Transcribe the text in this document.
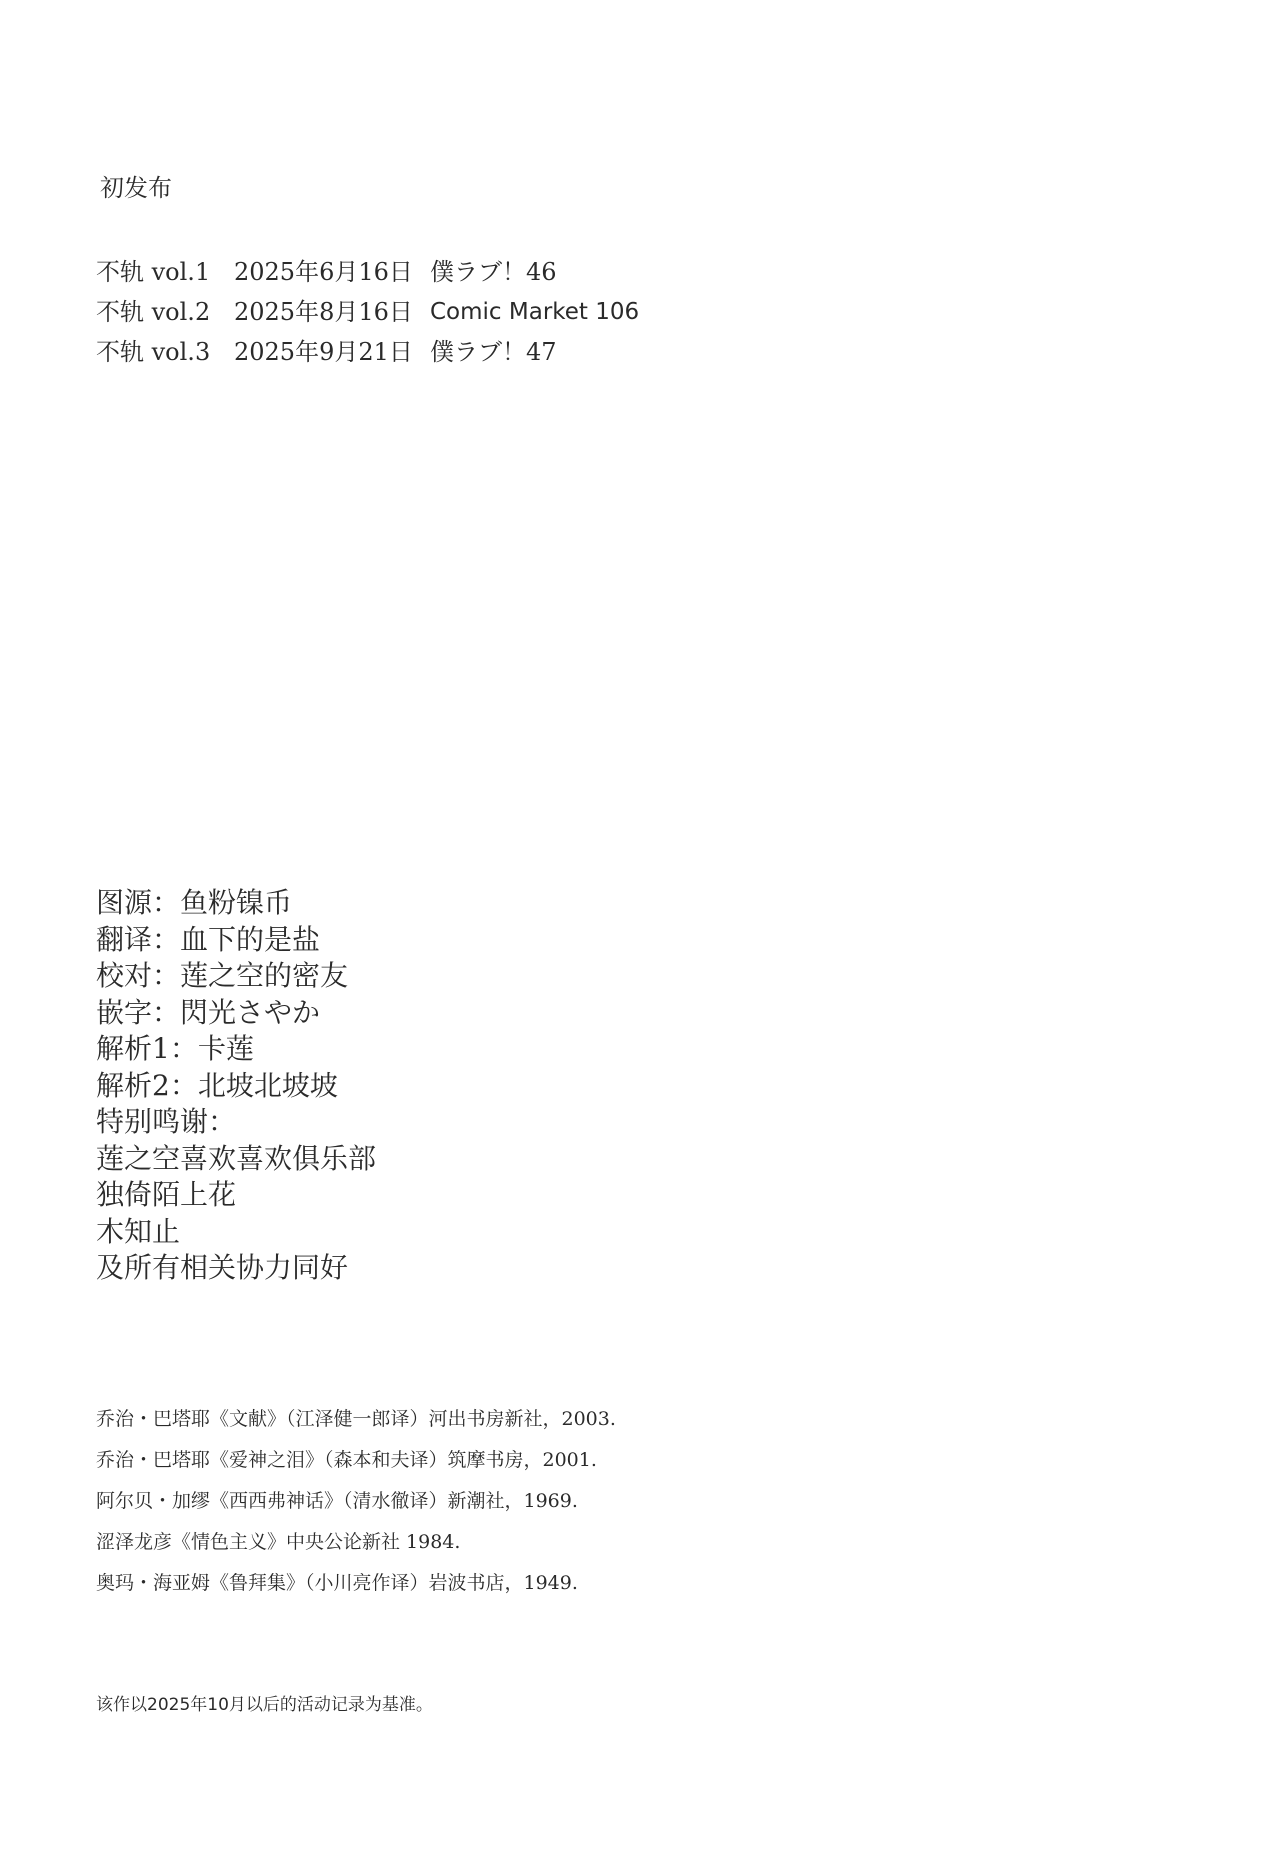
初发布
不轨 vol.1 2025年6月16日 僕ラブ！46
不轨 vol.2 2025年8月16日 Comic Market 106
不轨 vol.3 2025年9月21日 僕ラブ！47
图源：鱼粉镍币
翻译：血下的是盐
校对：莲之空的密友
嵌字：閃光さやか
解析1：卡莲
解析2：北坡北坡坡
特别鸣谢：
莲之空喜欢喜欢俱乐部
独倚陌上花
木知止
及所有相关协力同好
乔治・巴塔耶《文献》（江泽健一郎译）河出书房新社，2003.
乔治・巴塔耶《爱神之泪》（森本和夫译）筑摩书房，2001.
阿尔贝・加缪《西西弗神话》（清水徹译）新潮社，1969.
涩泽龙彦《情色主义》中央公论新社 1984.
奥玛・海亚姆《鲁拜集》（小川亮作译）岩波书店，1949.
该作以2025年10月以后的活动记录为基准。
